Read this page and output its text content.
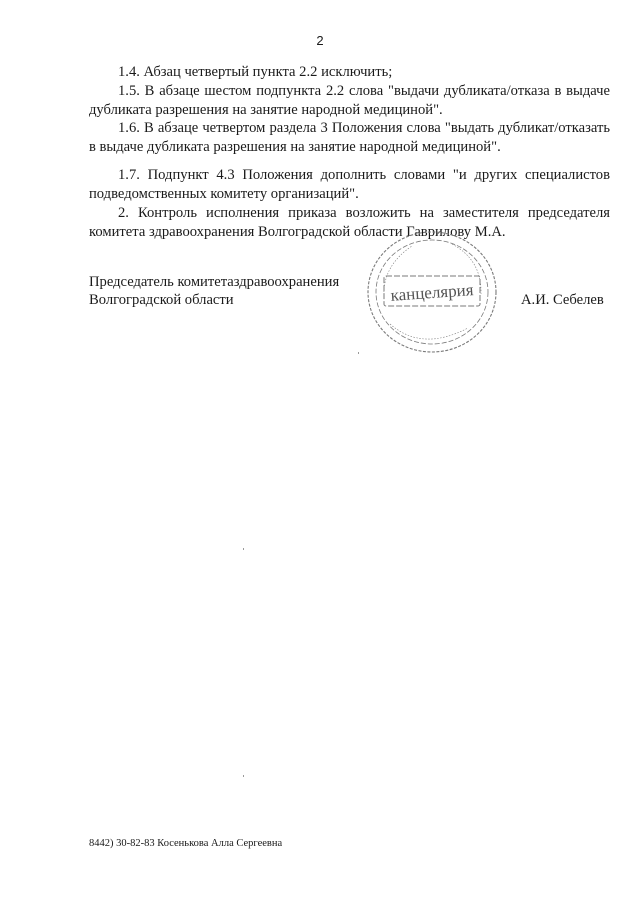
2

1.4. Абзац четвертый пункта 2.2 исключить;

1.5. В абзаце шестом подпункта 2.2 слова "выдачи дубликата/отказа в выдаче дубликата разрешения на занятие народной медициной".

1.6. В абзаце четвертом раздела 3 Положения слова "выдать дубликат/отказать в выдаче дубликата разрешения на занятие народной медициной".

1.7. Подпункт 4.3 Положения дополнить словами "и других специалистов подведомственных комитету организаций".

2. Контроль исполнения приказа возложить на заместителя председателя комитета здравоохранения Волгоградской области Гаврилову М.А.

Председатель комитетаздравоохранения

Волгоградской области	А.И. Себелев

канцелярия

8442) 30-82-83 Косенькова Алла Сергеевна
